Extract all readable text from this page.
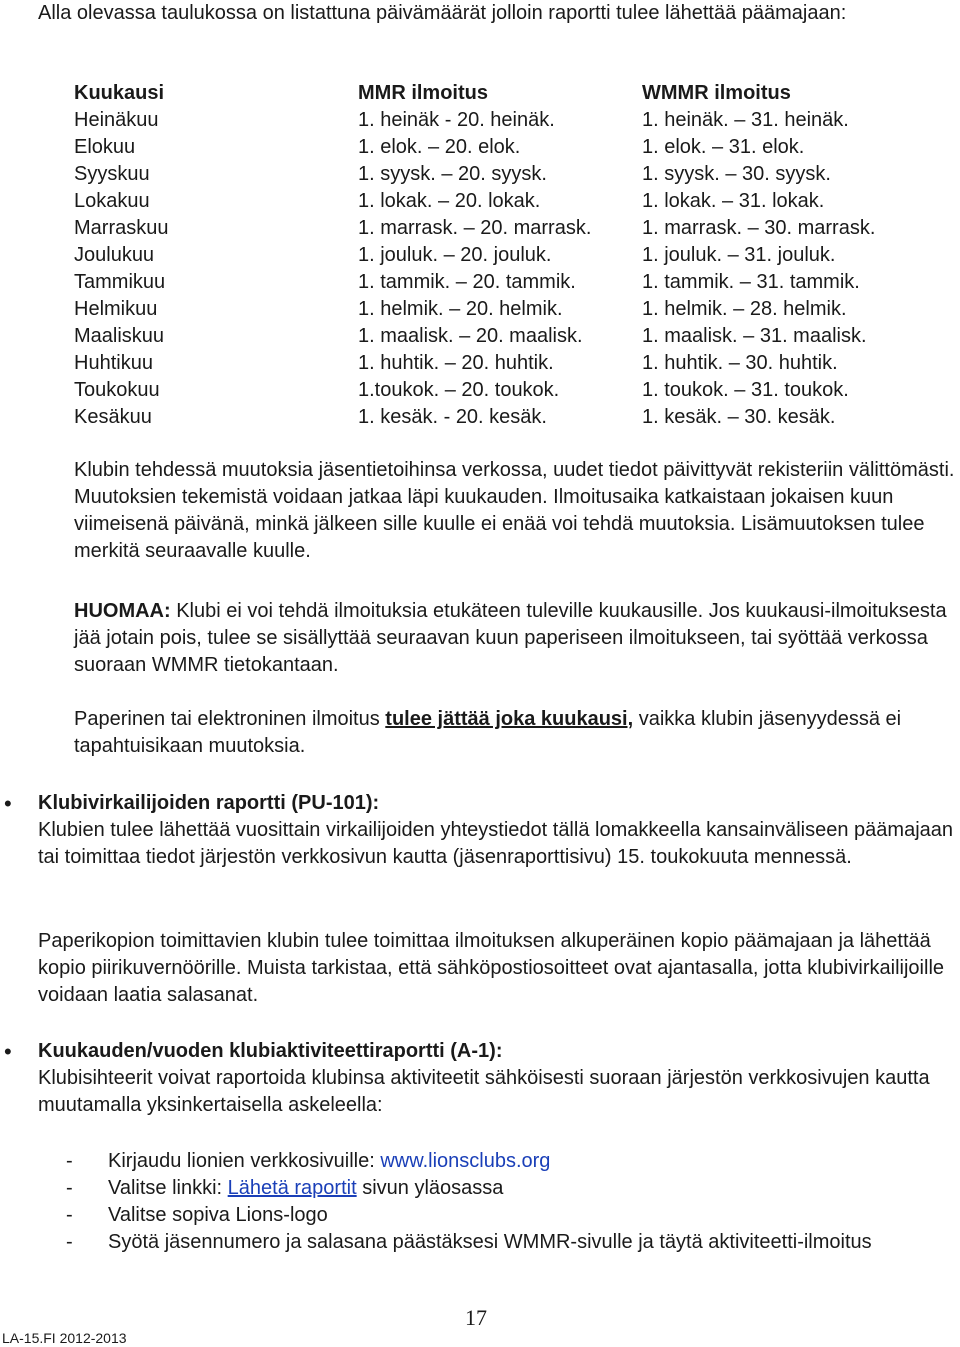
Alla olevassa taulukossa on listattuna päivämäärät jolloin raportti tulee lähettää päämajaan:
Kuukausi	MMR ilmoitus	WMMR ilmoitus
Heinäkuu	1. heinäk - 20. heinäk.	1. heinäk. – 31. heinäk.
Elokuu	1. elok. – 20. elok.	1. elok. – 31. elok.
Syyskuu	1. syysk. – 20. syysk.	1. syysk. – 30. syysk.
Lokakuu	1. lokak. – 20. lokak.	1. lokak. – 31. lokak.
Marraskuu	1. marrask. – 20. marrask.	1. marrask. – 30. marrask.
Joulukuu	1. jouluk. – 20. jouluk.	1. jouluk. – 31. jouluk.
Tammikuu	1. tammik. – 20. tammik.	1. tammik. – 31. tammik.
Helmikuu	1. helmik. – 20. helmik.	1. helmik. – 28. helmik.
Maaliskuu	1. maalisk. – 20. maalisk.	1. maalisk. – 31. maalisk.
Huhtikuu	1. huhtik. – 20. huhtik.	1. huhtik. – 30. huhtik.
Toukokuu	1.toukok. – 20. toukok.	1. toukok. – 31. toukok.
Kesäkuu	1. kesäk. - 20. kesäk.	1. kesäk. – 30. kesäk.
Klubin tehdessä muutoksia jäsentietoihinsa verkossa, uudet tiedot päivittyvät rekisteriin välittömästi. Muutoksien tekemistä voidaan jatkaa läpi kuukauden. Ilmoitusaika katkaistaan jokaisen kuun viimeisenä päivänä, minkä jälkeen sille kuulle ei enää voi tehdä muutoksia. Lisämuutoksen tulee merkitä seuraavalle kuulle.
HUOMAA: Klubi ei voi tehdä ilmoituksia etukäteen tuleville kuukausille. Jos kuukausi-ilmoituksesta jää jotain pois, tulee se sisällyttää seuraavan kuun paperiseen ilmoitukseen, tai syöttää verkossa suoraan WMMR tietokantaan.
Paperinen tai elektroninen ilmoitus tulee jättää joka kuukausi, vaikka klubin jäsenyydessä ei tapahtuisikaan muutoksia.
• Klubivirkailijoiden raportti (PU-101):
Klubien tulee lähettää vuosittain virkailijoiden yhteystiedot tällä lomakkeella kansainväliseen päämajaan tai toimittaa tiedot järjestön verkkosivun kautta (jäsenraporttisivu) 15. toukokuuta mennessä.
Paperikopion toimittavien klubin tulee toimittaa ilmoituksen alkuperäinen kopio päämajaan ja lähettää kopio piirikuvernöörille. Muista tarkistaa, että sähköpostiosoitteet ovat ajantasalla, jotta klubivirkailijoille voidaan laatia salasanat.
• Kuukauden/vuoden klubiaktiviteettiraportti (A-1):
Klubisihteerit voivat raportoida klubinsa aktiviteetit sähköisesti suoraan järjestön verkkosivujen kautta muutamalla yksinkertaisella askeleella:
- Kirjaudu lionien verkkosivuille: www.lionsclubs.org
- Valitse linkki: Lähetä raportit sivun yläosassa
- Valitse sopiva Lions-logo
- Syötä jäsennumero ja salasana päästäksesi WMMR-sivulle ja täytä aktiviteetti-ilmoitus
17
LA-15.FI 2012-2013
